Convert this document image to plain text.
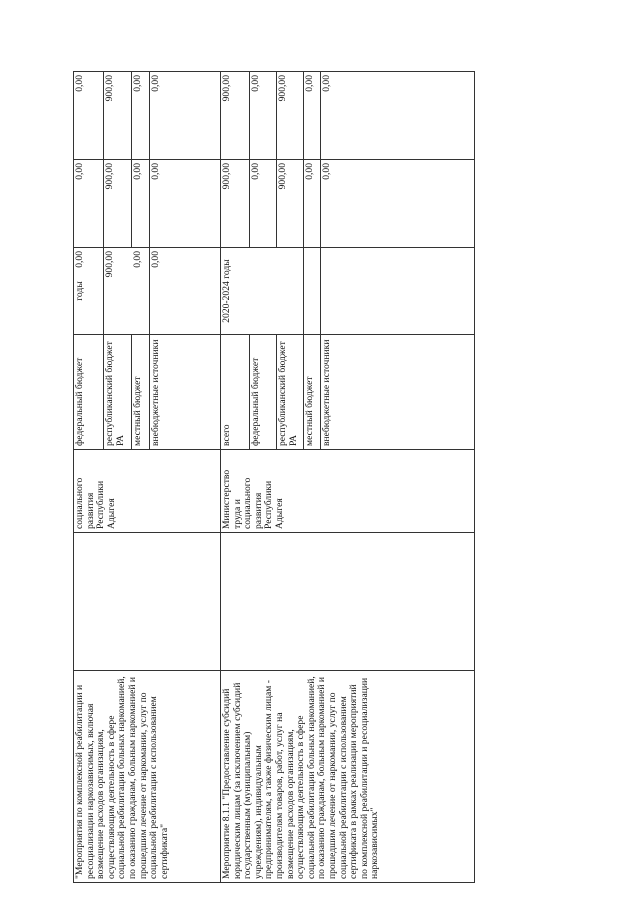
"Мероприятия по комплексной реабилитации и ресоциализации наркозависимых, включая возмещение расходов организациям, осуществляющим деятельность в сфере социальной реабилитации больных наркоманией, по оказанию гражданам, больным наркоманией и прошедшим лечение от наркомании, услуг по социальной реабилитации с использованием сертификата"
социального развития Республики Адыгея
годы
федеральный бюджет
0,00
0,00
0,00
республиканский бюджет РА
900,00
900,00
900,00
местный бюджет
0,00
0,00
0,00
внебюджетные источники
0,00
0,00
0,00
Мероприятие 8.1.1 "Предоставление субсидий юридическим лицам (за исключением субсидий государственным (муниципальным) учреждениям), индивидуальным предпринимателям, а также физическим лицам - производителям товаров, работ, услуг на возмещение расходов организациям, осуществляющим деятельность в сфере социальной реабилитации больных наркоманией, по оказанию гражданам, больным наркоманией и прошедшим лечение от наркомании, услуг по социальной реабилитации с использованием сертификата в рамках реализации мероприятий по комплексной реабилитации и ресоциализации наркозависимых"
Министерство труда и социального развития Республики Адыгея
2020-2024 годы
всего
900,00
900,00
федеральный бюджет
0,00
0,00
республиканский бюджет РА
900,00
900,00
местный бюджет
0,00
0,00
внебюджетные источники
0,00
0,00
